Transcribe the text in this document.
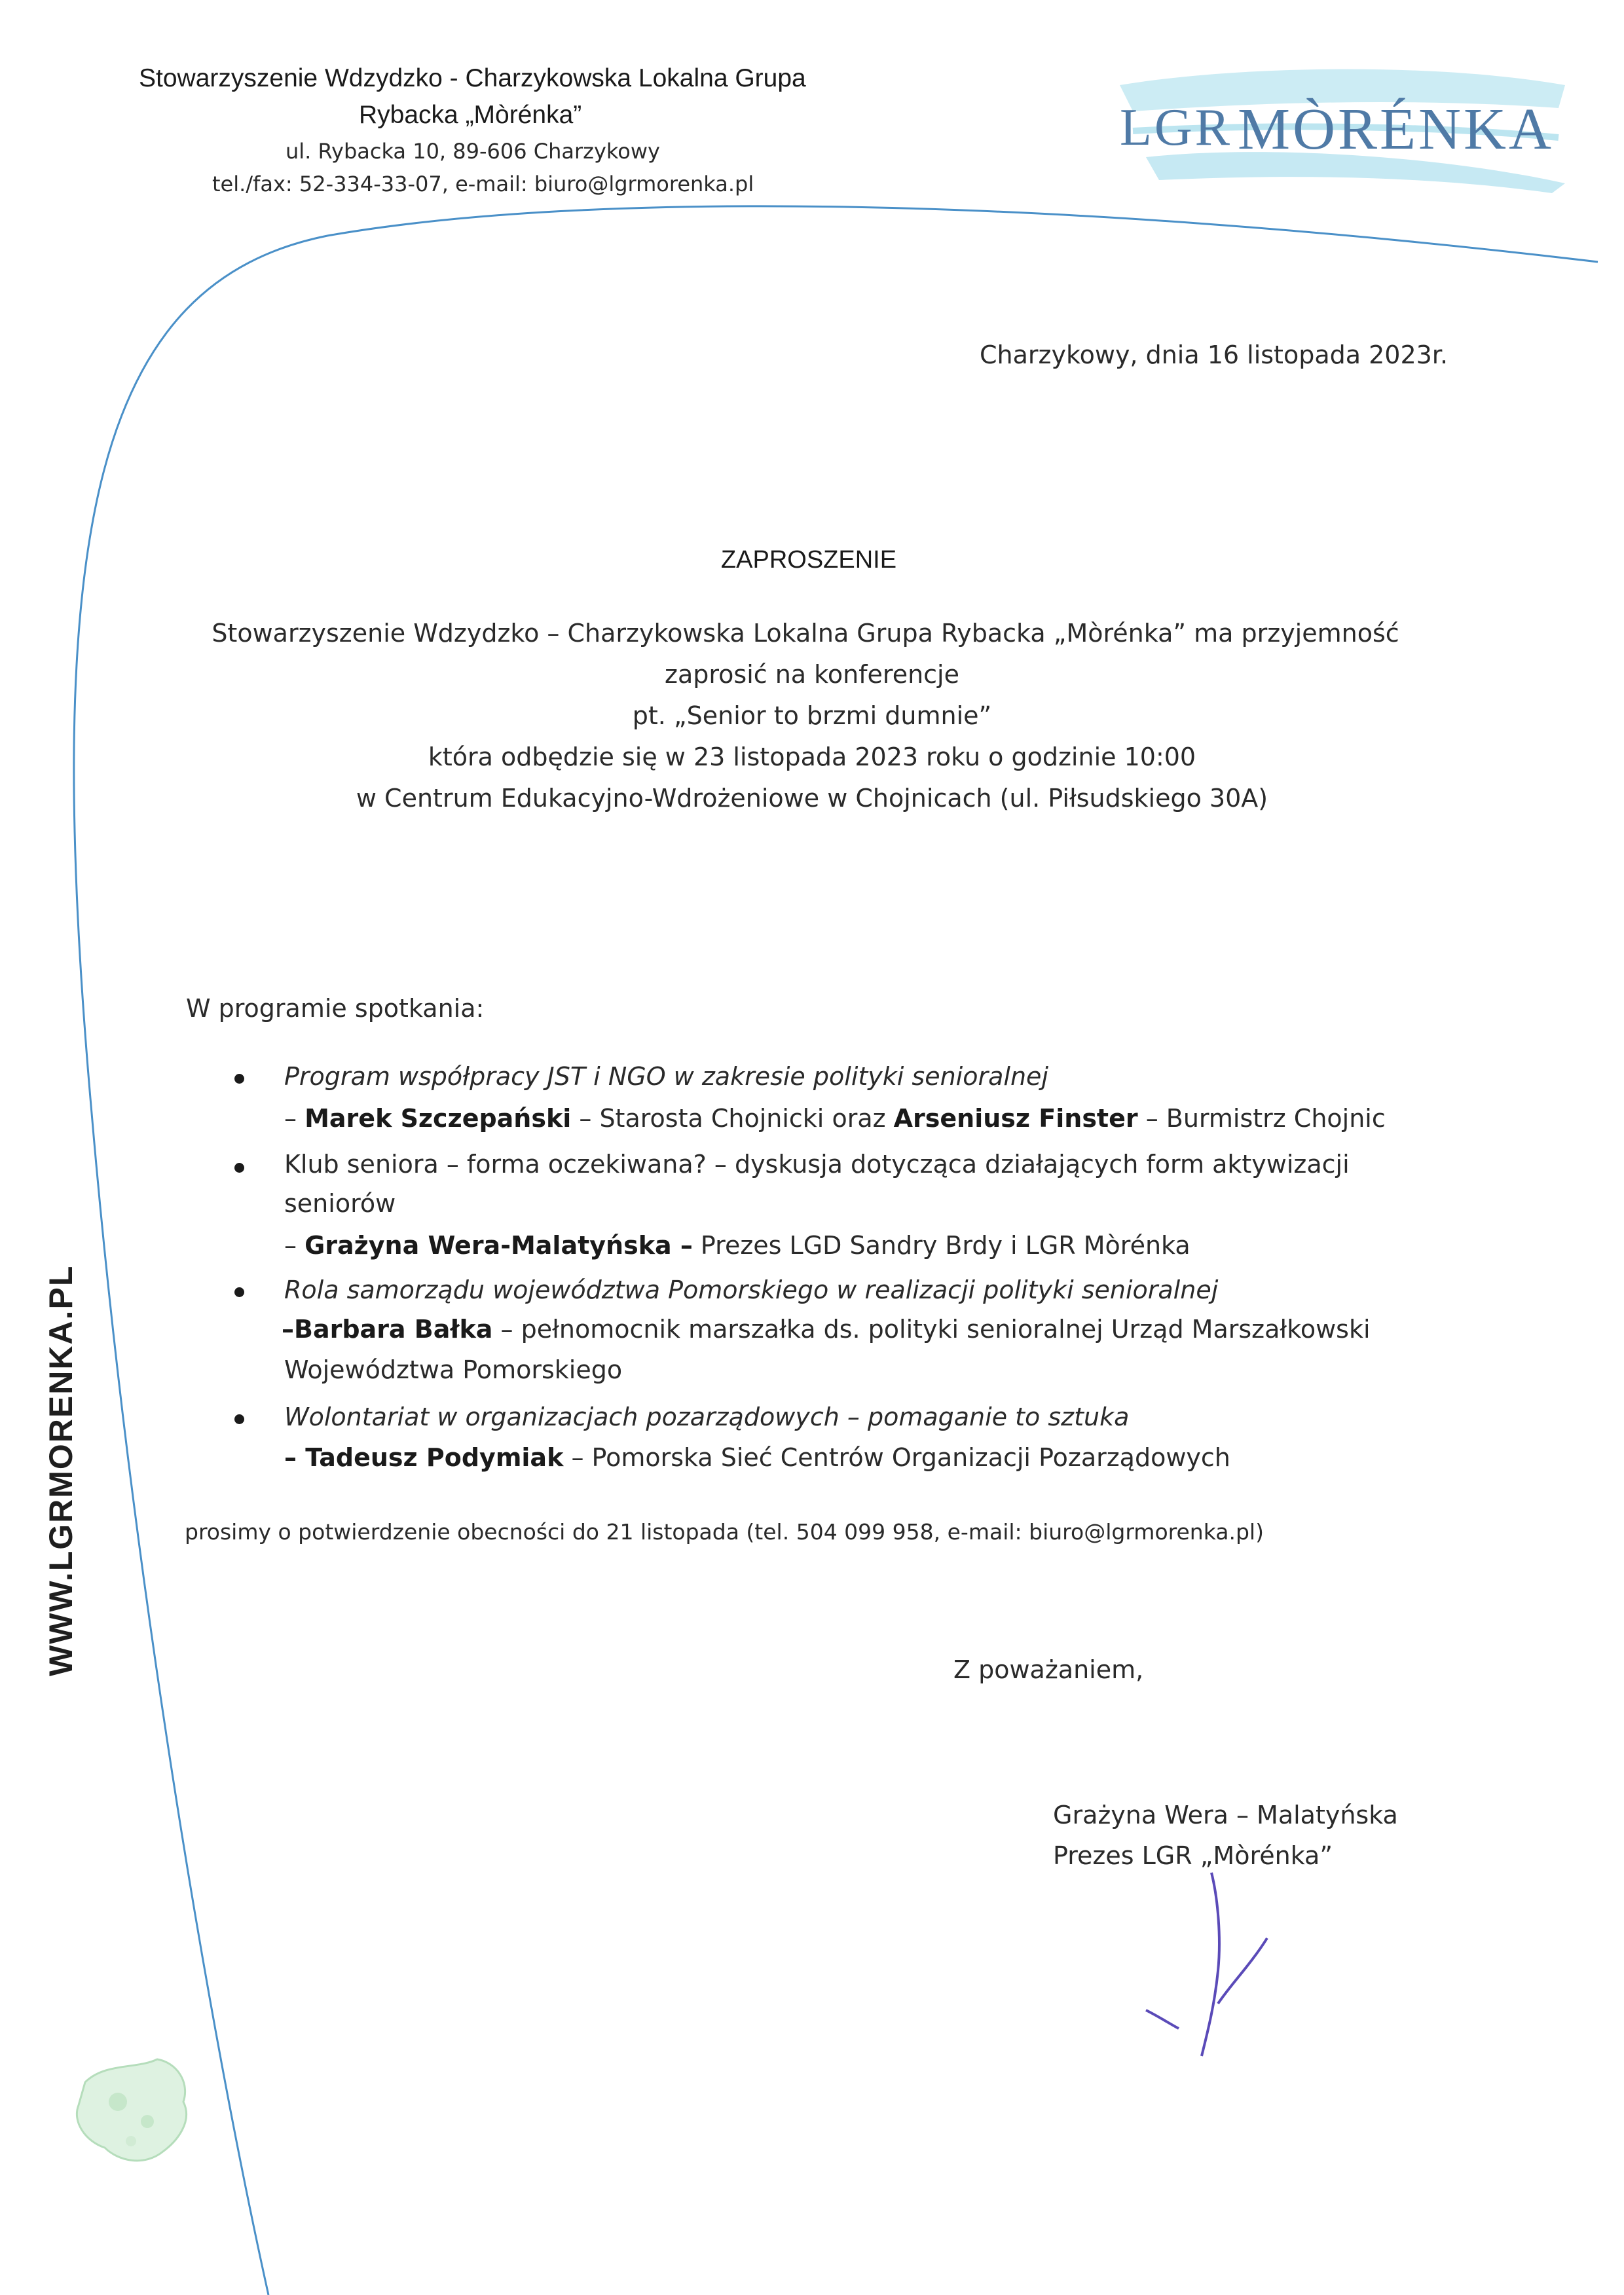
Stowarzyszenie Wdzydzko - Charzykowska Lokalna Grupa
Rybacka „Mòrénka”
ul. Rybacka 10, 89-606 Charzykowy
tel./fax: 52-334-33-07, e-mail: biuro@lgrmorenka.pl
LGR MÒRÉNKA
WWW.LGRMORENKA.PL
Charzykowy, dnia 16 listopada 2023r.
ZAPROSZENIE
Stowarzyszenie Wdzydzko – Charzykowska Lokalna Grupa Rybacka „Mòrénka” ma przyjemność
zaprosić na konferencje
pt. „Senior to brzmi dumnie”
która odbędzie się w 23 listopada 2023 roku o godzinie 10:00
w Centrum Edukacyjno-Wdrożeniowe w Chojnicach (ul. Piłsudskiego 30A)
W programie spotkania:
Program współpracy JST i NGO w zakresie polityki senioralnej
– Marek Szczepański – Starosta Chojnicki oraz Arseniusz Finster – Burmistrz Chojnic
Klub seniora – forma oczekiwana? – dyskusja dotycząca działających form aktywizacji
seniorów
– Grażyna Wera-Malatyńska – Prezes LGD Sandry Brdy i LGR Mòrénka
Rola samorządu województwa Pomorskiego w realizacji polityki senioralnej
–Barbara Bałka – pełnomocnik marszałka ds. polityki senioralnej Urząd Marszałkowski
Województwa Pomorskiego
Wolontariat w organizacjach pozarządowych – pomaganie to sztuka
– Tadeusz Podymiak – Pomorska Sieć Centrów Organizacji Pozarządowych
prosimy o potwierdzenie obecności do 21 listopada (tel. 504 099 958, e-mail: biuro@lgrmorenka.pl)
Z poważaniem,
Grażyna Wera – Malatyńska
Prezes LGR „Mòrénka”
